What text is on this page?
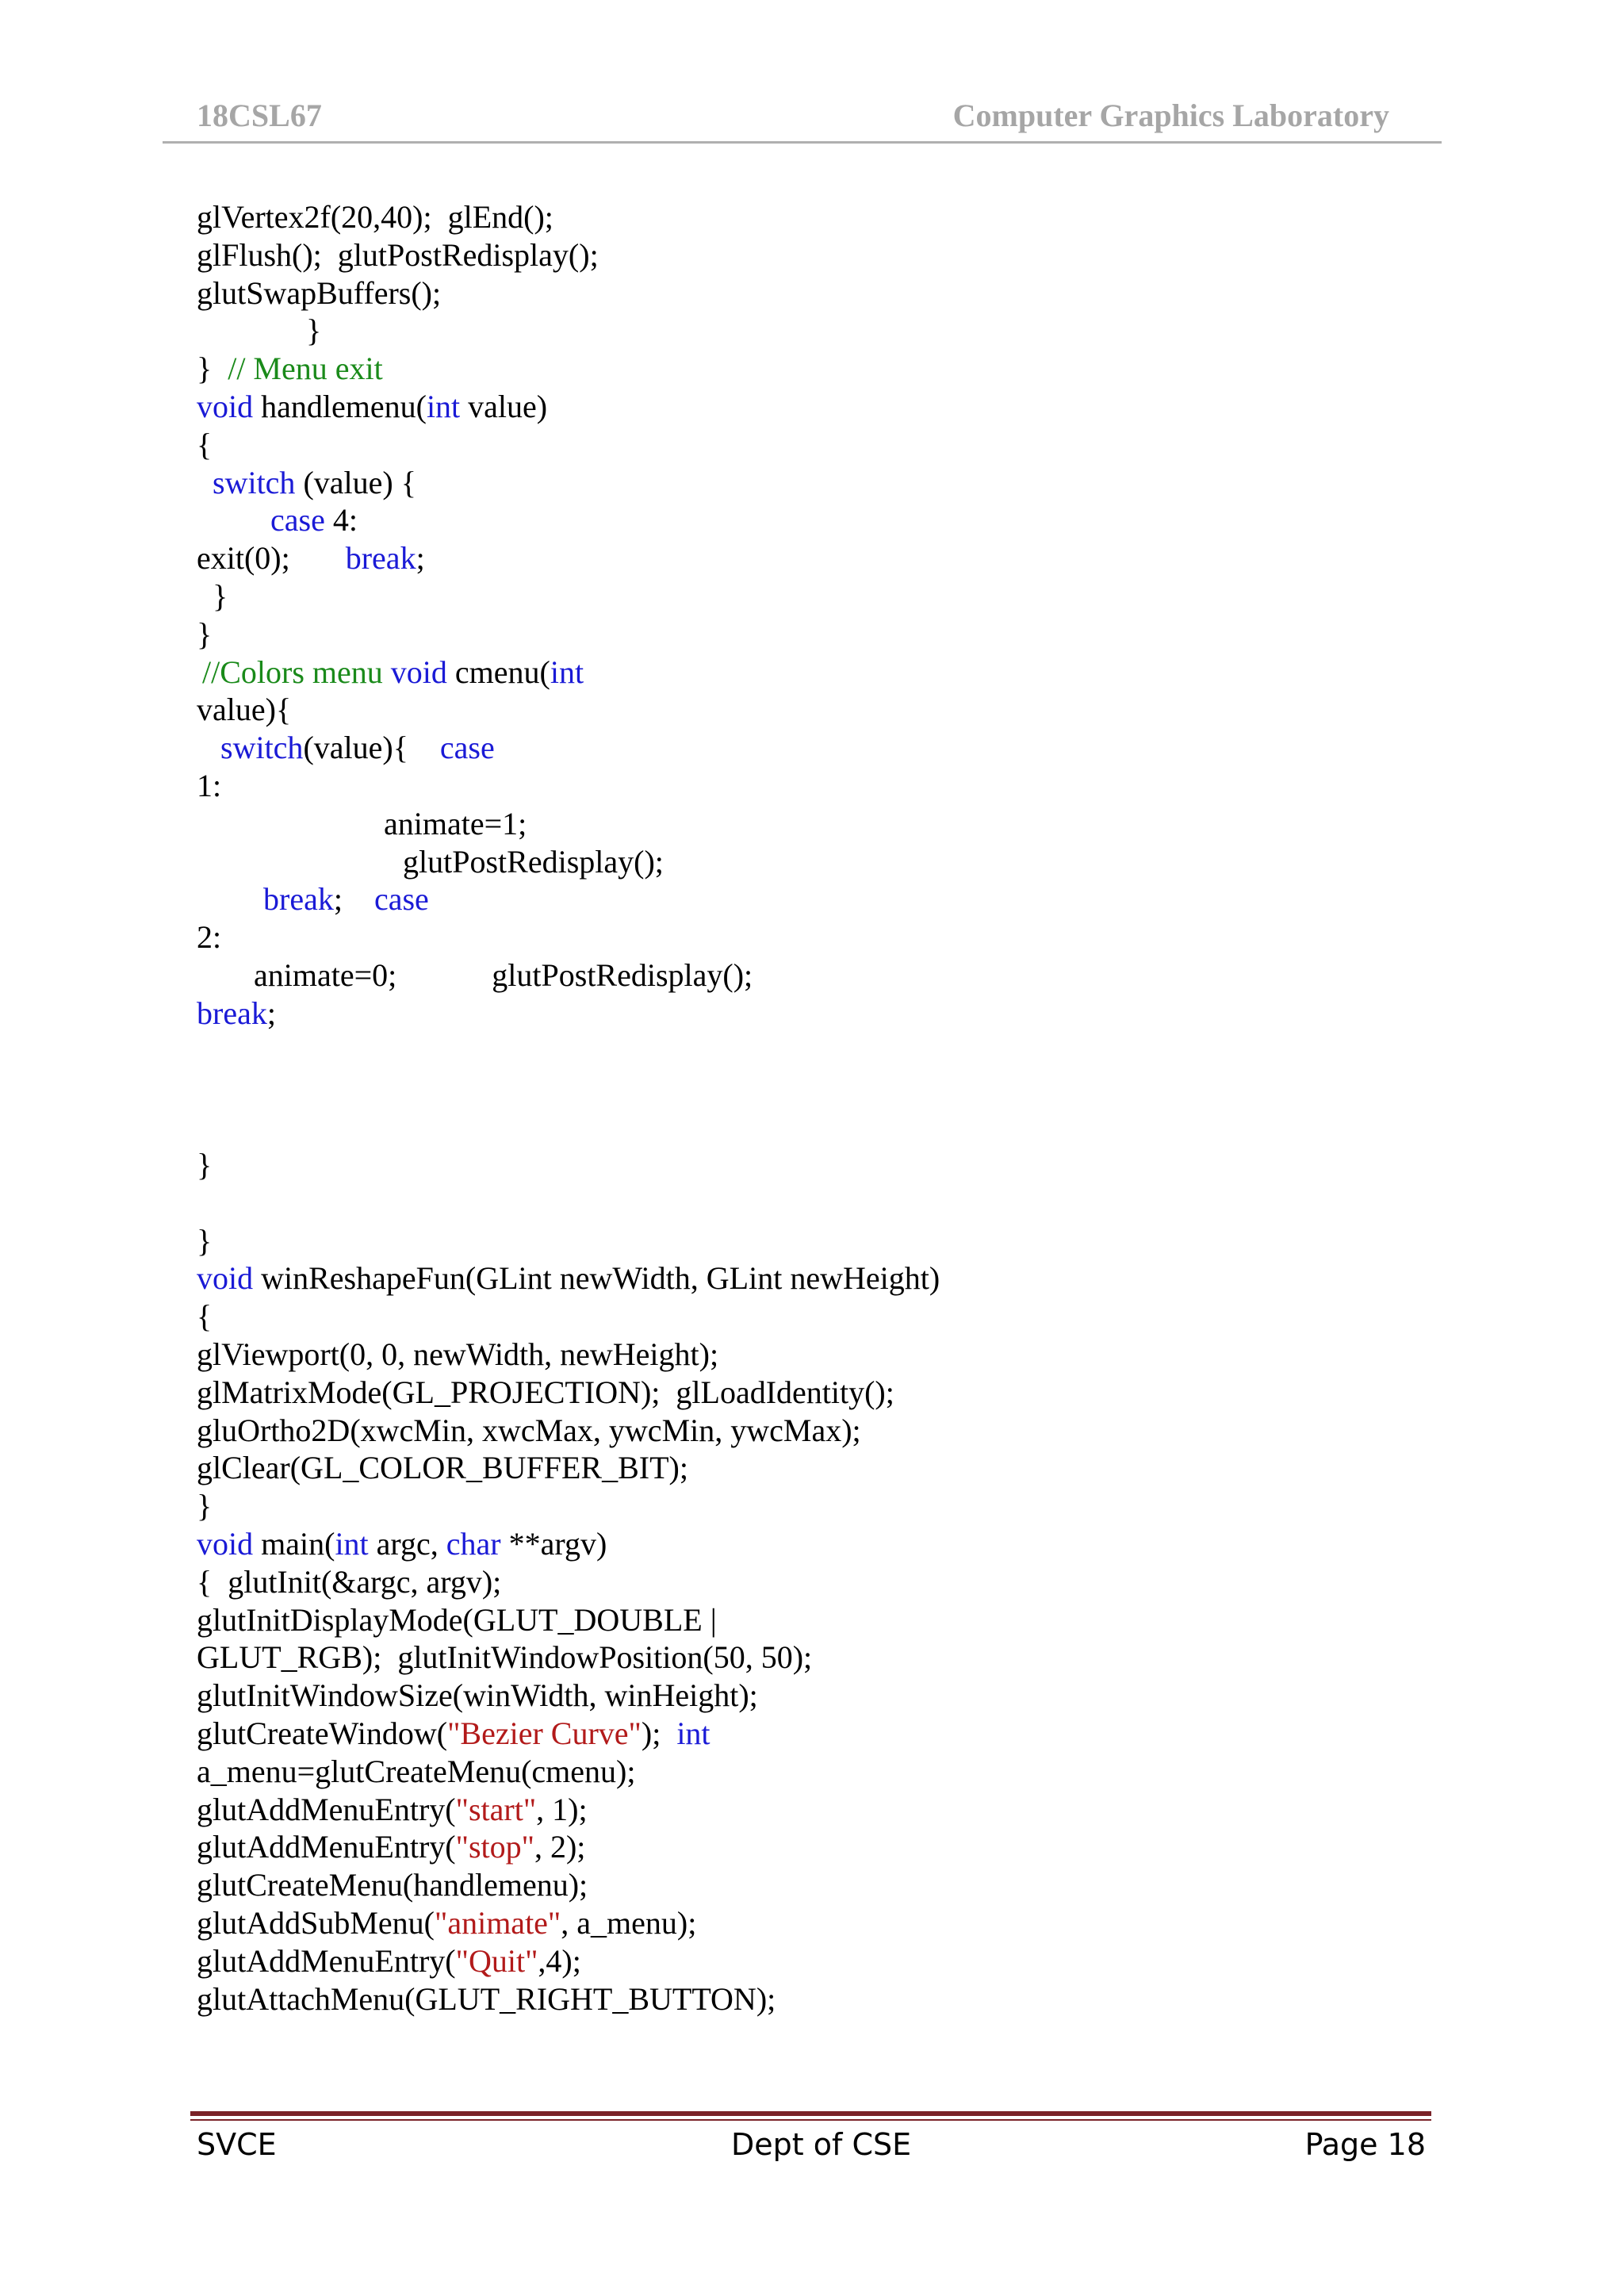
18CSL67	Computer Graphics Laboratory
glVertex2f(20,40);  glEnd();
glFlush();  glutPostRedisplay();
glutSwapBuffers();
}
}  // Menu exit
void handlemenu(int value)
{
switch (value) {
case 4:
exit(0);       break;
}
}
//Colors menu void cmenu(int
value){
switch(value){    case
1:
animate=1;
glutPostRedisplay();
break;    case
2:
animate=0;            glutPostRedisplay();
break;
}
}
void winReshapeFun(GLint newWidth, GLint newHeight)
{
glViewport(0, 0, newWidth, newHeight);
glMatrixMode(GL_PROJECTION);  glLoadIdentity();
gluOrtho2D(xwcMin, xwcMax, ywcMin, ywcMax);
glClear(GL_COLOR_BUFFER_BIT);
}
void main(int argc, char **argv)
{  glutInit(&argc, argv);
glutInitDisplayMode(GLUT_DOUBLE |
GLUT_RGB);  glutInitWindowPosition(50, 50);
glutInitWindowSize(winWidth, winHeight);
glutCreateWindow("Bezier Curve");  int
a_menu=glutCreateMenu(cmenu);
glutAddMenuEntry("start", 1);
glutAddMenuEntry("stop", 2);
glutCreateMenu(handlemenu);
glutAddSubMenu("animate", a_menu);
glutAddMenuEntry("Quit",4);
glutAttachMenu(GLUT_RIGHT_BUTTON);
SVCE	Dept of CSE	Page 18
